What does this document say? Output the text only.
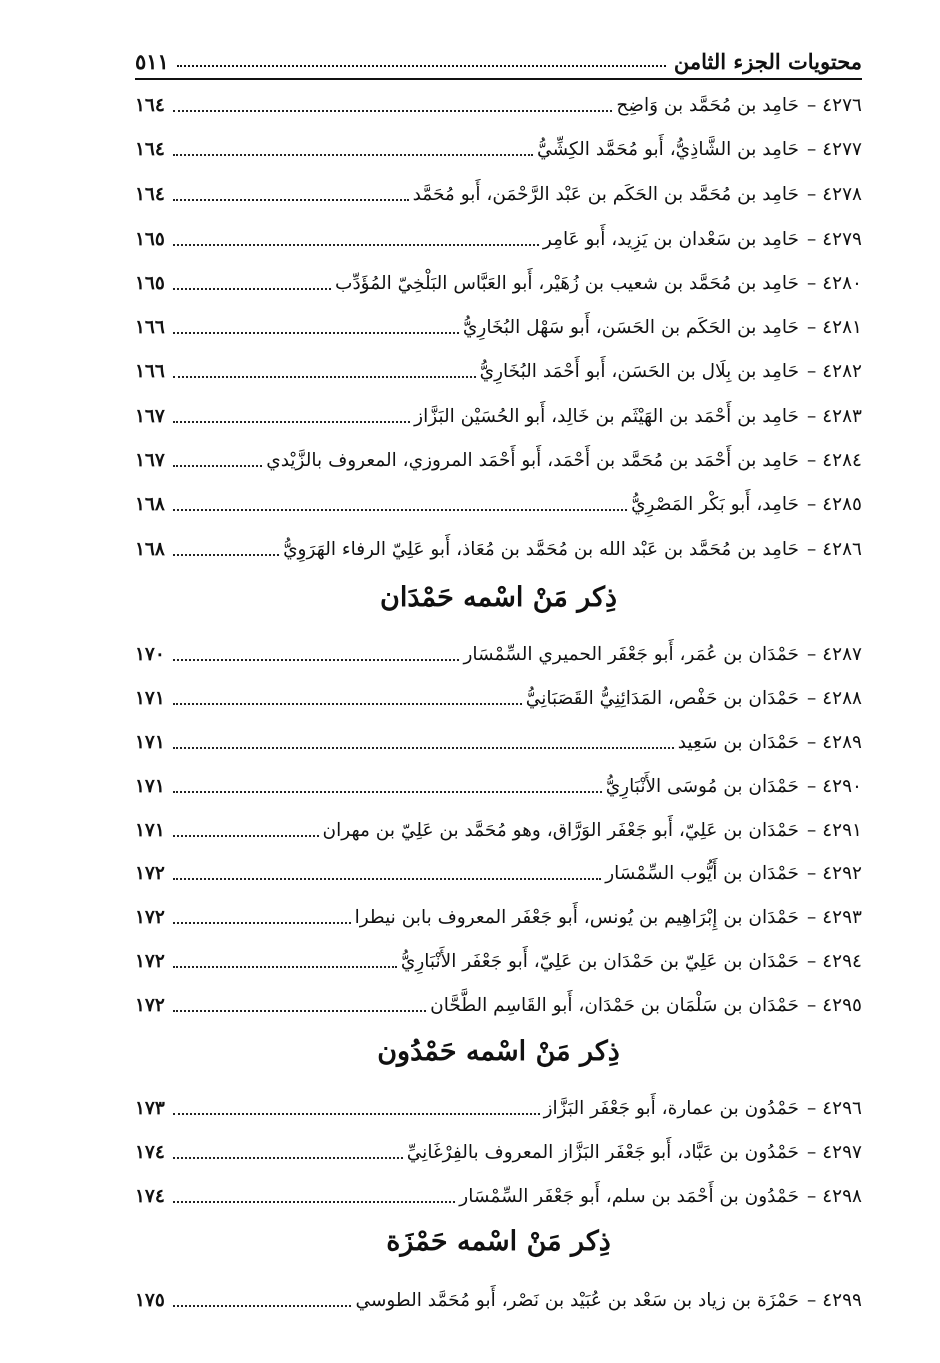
محتويات الجزء الثامن
٥١١
٤٢٧٦
–
حَامِد بن مُحَمَّد بن وَاضِح
١٦٤
٤٢٧٧
–
حَامِد بن الشَّاذِيُّ، أَبو مُحَمَّد الكِشِّيُّ
١٦٤
٤٢٧٨
–
حَامِد بن مُحَمَّد بن الحَكَم بن عَبْد الرَّحْمَن، أَبو مُحَمَّد
١٦٤
٤٢٧٩
–
حَامِد بن سَعْدان بن يَزِيد، أَبو عَامِر
١٦٥
٤٢٨٠
–
حَامِد بن مُحَمَّد بن شعيب بن زُهَيْر، أَبو العَبَّاس البَلْخِيّ المُؤَدِّب
١٦٥
٤٢٨١
–
حَامِد بن الحَكَم بن الحَسَن، أَبو سَهْل البُخَارِيُّ
١٦٦
٤٢٨٢
–
حَامِد بن بِلَال بن الحَسَن، أَبو أَحْمَد البُخَارِيُّ
١٦٦
٤٢٨٣
–
حَامِد بن أَحْمَد بن الهَيْثَم بن خَالِد، أَبو الحُسَيْن البَزَّاز
١٦٧
٤٢٨٤
–
حَامِد بن أَحْمَد بن مُحَمَّد بن أَحْمَد، أَبو أَحْمَد المروزي، المعروف بالزَّيْدي
١٦٧
٤٢٨٥
–
حَامِد، أَبو بَكْر المَصْرِيُّ
١٦٨
٤٢٨٦
–
حَامِد بن مُحَمَّد بن عَبْد الله بن مُحَمَّد بن مُعَاذ، أَبو عَلِيّ الرفاء الهَرَوِيُّ
١٦٨
ذِكر مَنْ اسْمه حَمْدَان
٤٢٨٧
–
حَمْدَان بن عُمَر، أَبو جَعْفَر الحميري السِّمْسَار
١٧٠
٤٢٨٨
–
حَمْدَان بن حَفْص، المَدَائِنِيُّ القَصَبَانِيُّ
١٧١
٤٢٨٩
–
حَمْدَان بن سَعِيد
١٧١
٤٢٩٠
–
حَمْدَان بن مُوسَى الأَنْبَارِيُّ
١٧١
٤٢٩١
–
حَمْدَان بن عَلِيّ، أَبو جَعْفَر الوَرَّاق، وهو مُحَمَّد بن عَلِيّ بن مهران
١٧١
٤٢٩٢
–
حَمْدَان بن أَيُّوب السِّمْسَار
١٧٢
٤٢٩٣
–
حَمْدَان بن إِبْرَاهِيم بن يُونس، أَبو جَعْفَر المعروف بابن نيطرا
١٧٢
٤٢٩٤
–
حَمْدَان بن عَلِيّ بن حَمْدَان بن عَلِيّ، أَبو جَعْفَر الأَنْبَارِيُّ
١٧٢
٤٢٩٥
–
حَمْدَان بن سَلْمَان بن حَمْدَان، أَبو القَاسِم الطَّحَّان
١٧٢
ذِكر مَنْ اسْمه حَمْدُون
٤٢٩٦
–
حَمْدُون بن عمارة، أَبو جَعْفَر البَزَّاز
١٧٣
٤٢٩٧
–
حَمْدُون بن عَبَّاد، أَبو جَعْفَر البَزَّاز المعروف بالفِرْغَانِيِّ
١٧٤
٤٢٩٨
–
حَمْدُون بن أَحْمَد بن سلم، أَبو جَعْفَر السِّمْسَار
١٧٤
ذِكر مَنْ اسْمه حَمْزَة
٤٢٩٩
–
حَمْزَة بن زياد بن سَعْد بن عُبَيْد بن نَصْر، أَبو مُحَمَّد الطوسي
١٧٥
